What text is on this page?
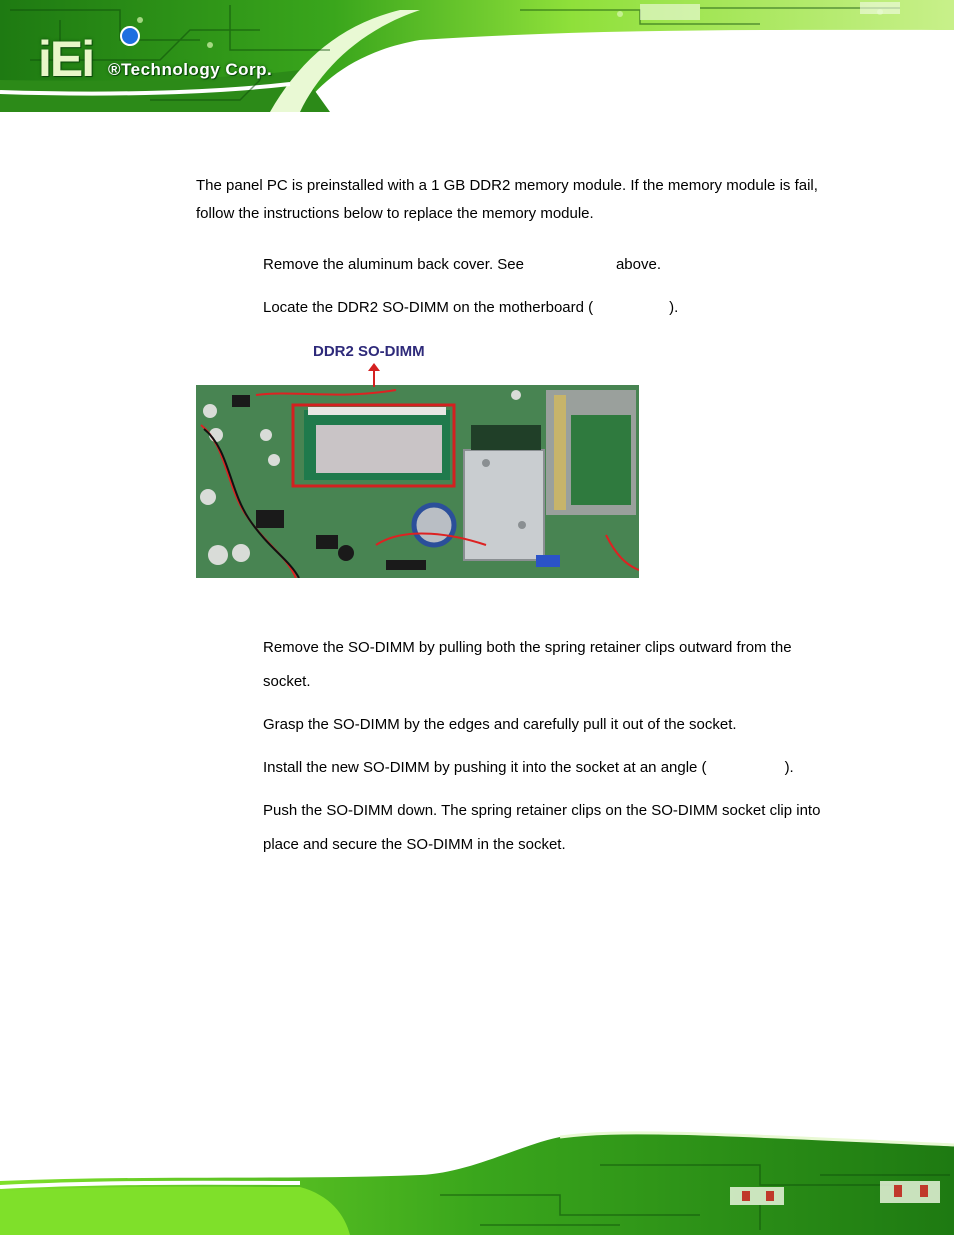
iEi ®Technology Corp.

The panel PC is preinstalled with a 1 GB DDR2 memory module. If the memory module is fail, follow the instructions below to replace the memory module.

Remove the aluminum back cover. See	above.

Locate the DDR2 SO-DIMM on the motherboard (	).

DDR2 SO-DIMM

Remove the SO-DIMM by pulling both the spring retainer clips outward from the socket.

Grasp the SO-DIMM by the edges and carefully pull it out of the socket.

Install the new SO-DIMM by pushing it into the socket at an angle (	).

Push the SO-DIMM down. The spring retainer clips on the SO-DIMM socket clip into place and secure the SO-DIMM in the socket.
